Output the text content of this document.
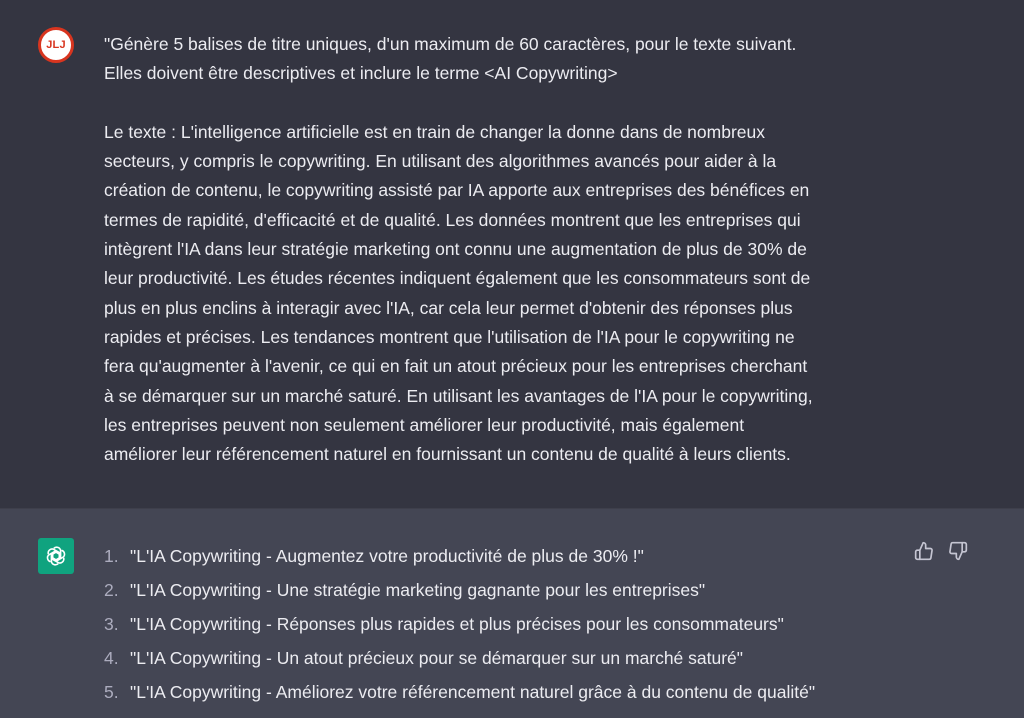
JLJ "Génère 5 balises de titre uniques, d'un maximum de 60 caractères, pour le texte suivant.
Elles doivent être descriptives et inclure le terme <AI Copywriting>

Le texte : L'intelligence artificielle est en train de changer la donne dans de nombreux
secteurs, y compris le copywriting. En utilisant des algorithmes avancés pour aider à la
création de contenu, le copywriting assisté par IA apporte aux entreprises des bénéfices en
termes de rapidité, d'efficacité et de qualité. Les données montrent que les entreprises qui
intègrent l'IA dans leur stratégie marketing ont connu une augmentation de plus de 30% de
leur productivité. Les études récentes indiquent également que les consommateurs sont de
plus en plus enclins à interagir avec l'IA, car cela leur permet d'obtenir des réponses plus
rapides et précises. Les tendances montrent que l'utilisation de l'IA pour le copywriting ne
fera qu'augmenter à l'avenir, ce qui en fait un atout précieux pour les entreprises cherchant
à se démarquer sur un marché saturé. En utilisant les avantages de l'IA pour le copywriting,
les entreprises peuvent non seulement améliorer leur productivité, mais également
améliorer leur référencement naturel en fournissant un contenu de qualité à leurs clients.

1. "L'IA Copywriting - Augmentez votre productivité de plus de 30% !"
2. "L'IA Copywriting - Une stratégie marketing gagnante pour les entreprises"
3. "L'IA Copywriting - Réponses plus rapides et plus précises pour les consommateurs"
4. "L'IA Copywriting - Un atout précieux pour se démarquer sur un marché saturé"
5. "L'IA Copywriting - Améliorez votre référencement naturel grâce à du contenu de qualité"
